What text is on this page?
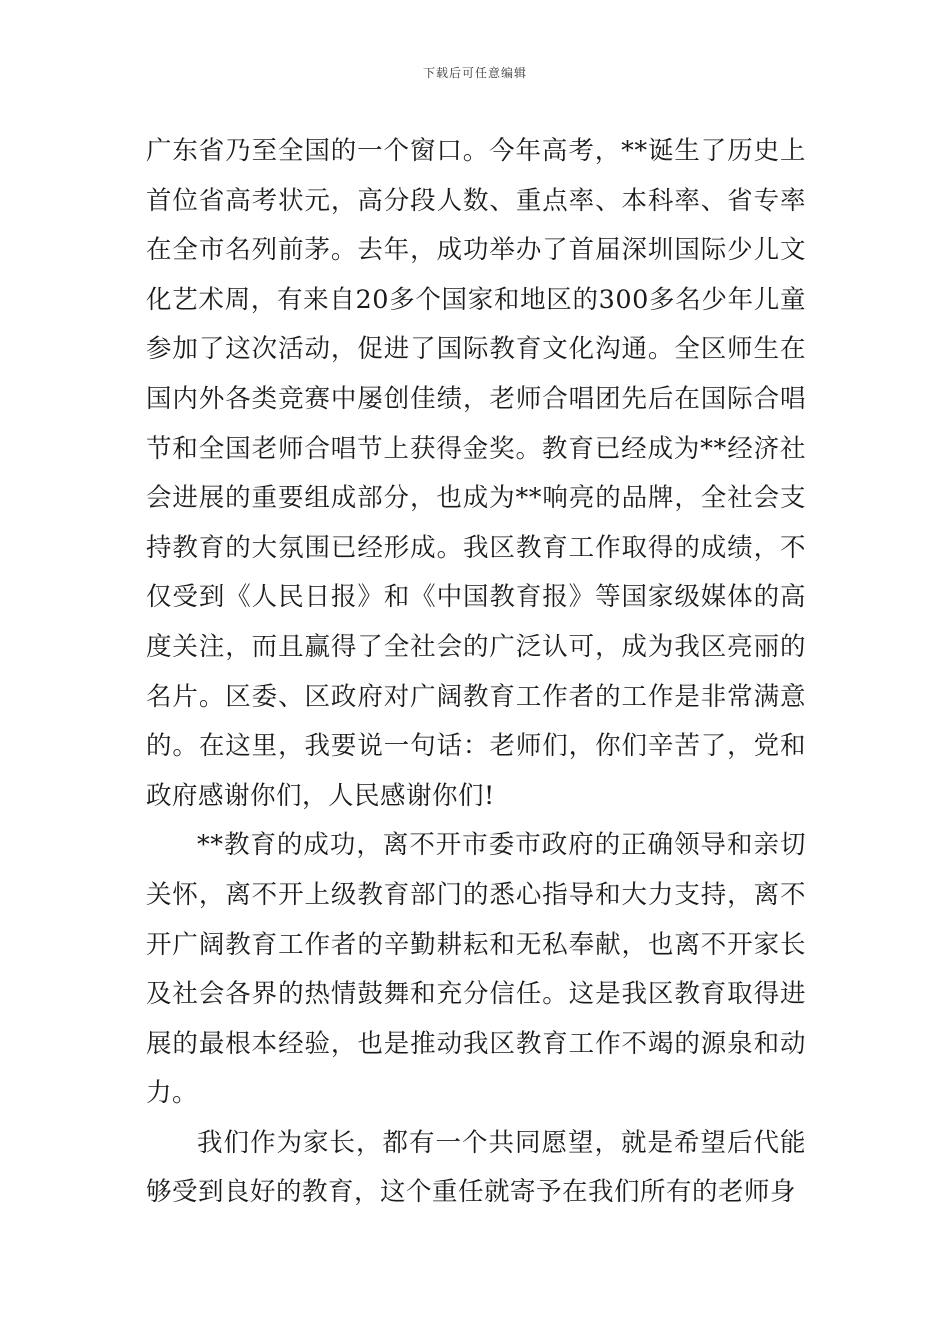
下载后可任意编辑

广东省乃至全国的一个窗口。今年高考，**诞生了历史上首位省高考状元，高分段人数、重点率、本科率、省专率在全市名列前茅。去年，成功举办了首届深圳国际少儿文化艺术周，有来自20多个国家和地区的300多名少年儿童参加了这次活动，促进了国际教育文化沟通。全区师生在国内外各类竞赛中屡创佳绩，老师合唱团先后在国际合唱节和全国老师合唱节上获得金奖。教育已经成为**经济社会进展的重要组成部分，也成为**响亮的品牌，全社会支持教育的大氛围已经形成。我区教育工作取得的成绩，不仅受到《人民日报》和《中国教育报》等国家级媒体的高度关注，而且赢得了全社会的广泛认可，成为我区亮丽的名片。区委、区政府对广阔教育工作者的工作是非常满意的。在这里，我要说一句话：老师们，你们辛苦了，党和政府感谢你们，人民感谢你们!

**教育的成功，离不开市委市政府的正确领导和亲切关怀，离不开上级教育部门的悉心指导和大力支持，离不开广阔教育工作者的辛勤耕耘和无私奉献，也离不开家长及社会各界的热情鼓舞和充分信任。这是我区教育取得进展的最根本经验，也是推动我区教育工作不竭的源泉和动力。

我们作为家长，都有一个共同愿望，就是希望后代能够受到良好的教育，这个重任就寄予在我们所有的老师身
